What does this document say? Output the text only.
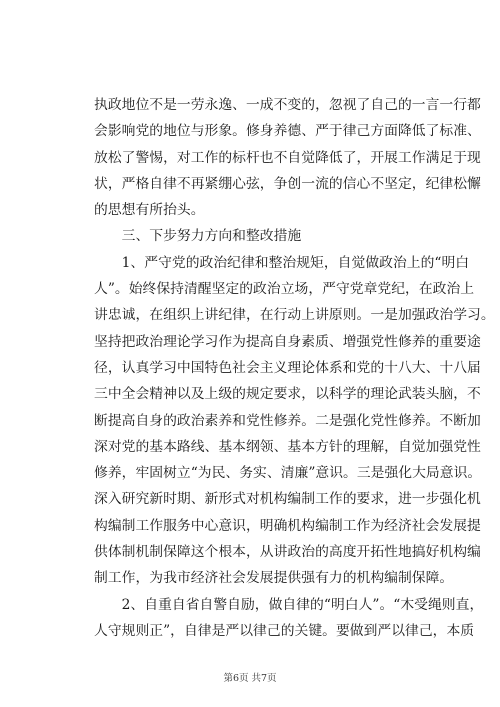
执政地位不是一劳永逸、一成不变的，忽视了自己的一言一行都
会影响党的地位与形象。修身养德、严于律己方面降低了标准、
放松了警惕，对工作的标杆也不自觉降低了，开展工作满足于现
状，严格自律不再紧绷心弦，争创一流的信心不坚定，纪律松懈
的思想有所抬头。
　　三、下步努力方向和整改措施
　　1、严守党的政治纪律和整治规矩，自觉做政治上的“明白
人”。始终保持清醒坚定的政治立场，严守党章党纪，在政治上
讲忠诚，在组织上讲纪律，在行动上讲原则。一是加强政治学习。
坚持把政治理论学习作为提高自身素质、增强党性修养的重要途
径，认真学习中国特色社会主义理论体系和党的十八大、十八届
三中全会精神以及上级的规定要求，以科学的理论武装头脑，不
断提高自身的政治素养和党性修养。二是强化党性修养。不断加
深对党的基本路线、基本纲领、基本方针的理解，自觉加强党性
修养，牢固树立“为民、务实、清廉”意识。三是强化大局意识。
深入研究新时期、新形式对机构编制工作的要求，进一步强化机
构编制工作服务中心意识，明确机构编制工作为经济社会发展提
供体制机制保障这个根本，从讲政治的高度开拓性地搞好机构编
制工作，为我市经济社会发展提供强有力的机构编制保障。
　　2、自重自省自警自励，做自律的“明白人”。“木受绳则直，
人守规则正”，自律是严以律己的关键。要做到严以律己，本质
第6页 共7页
